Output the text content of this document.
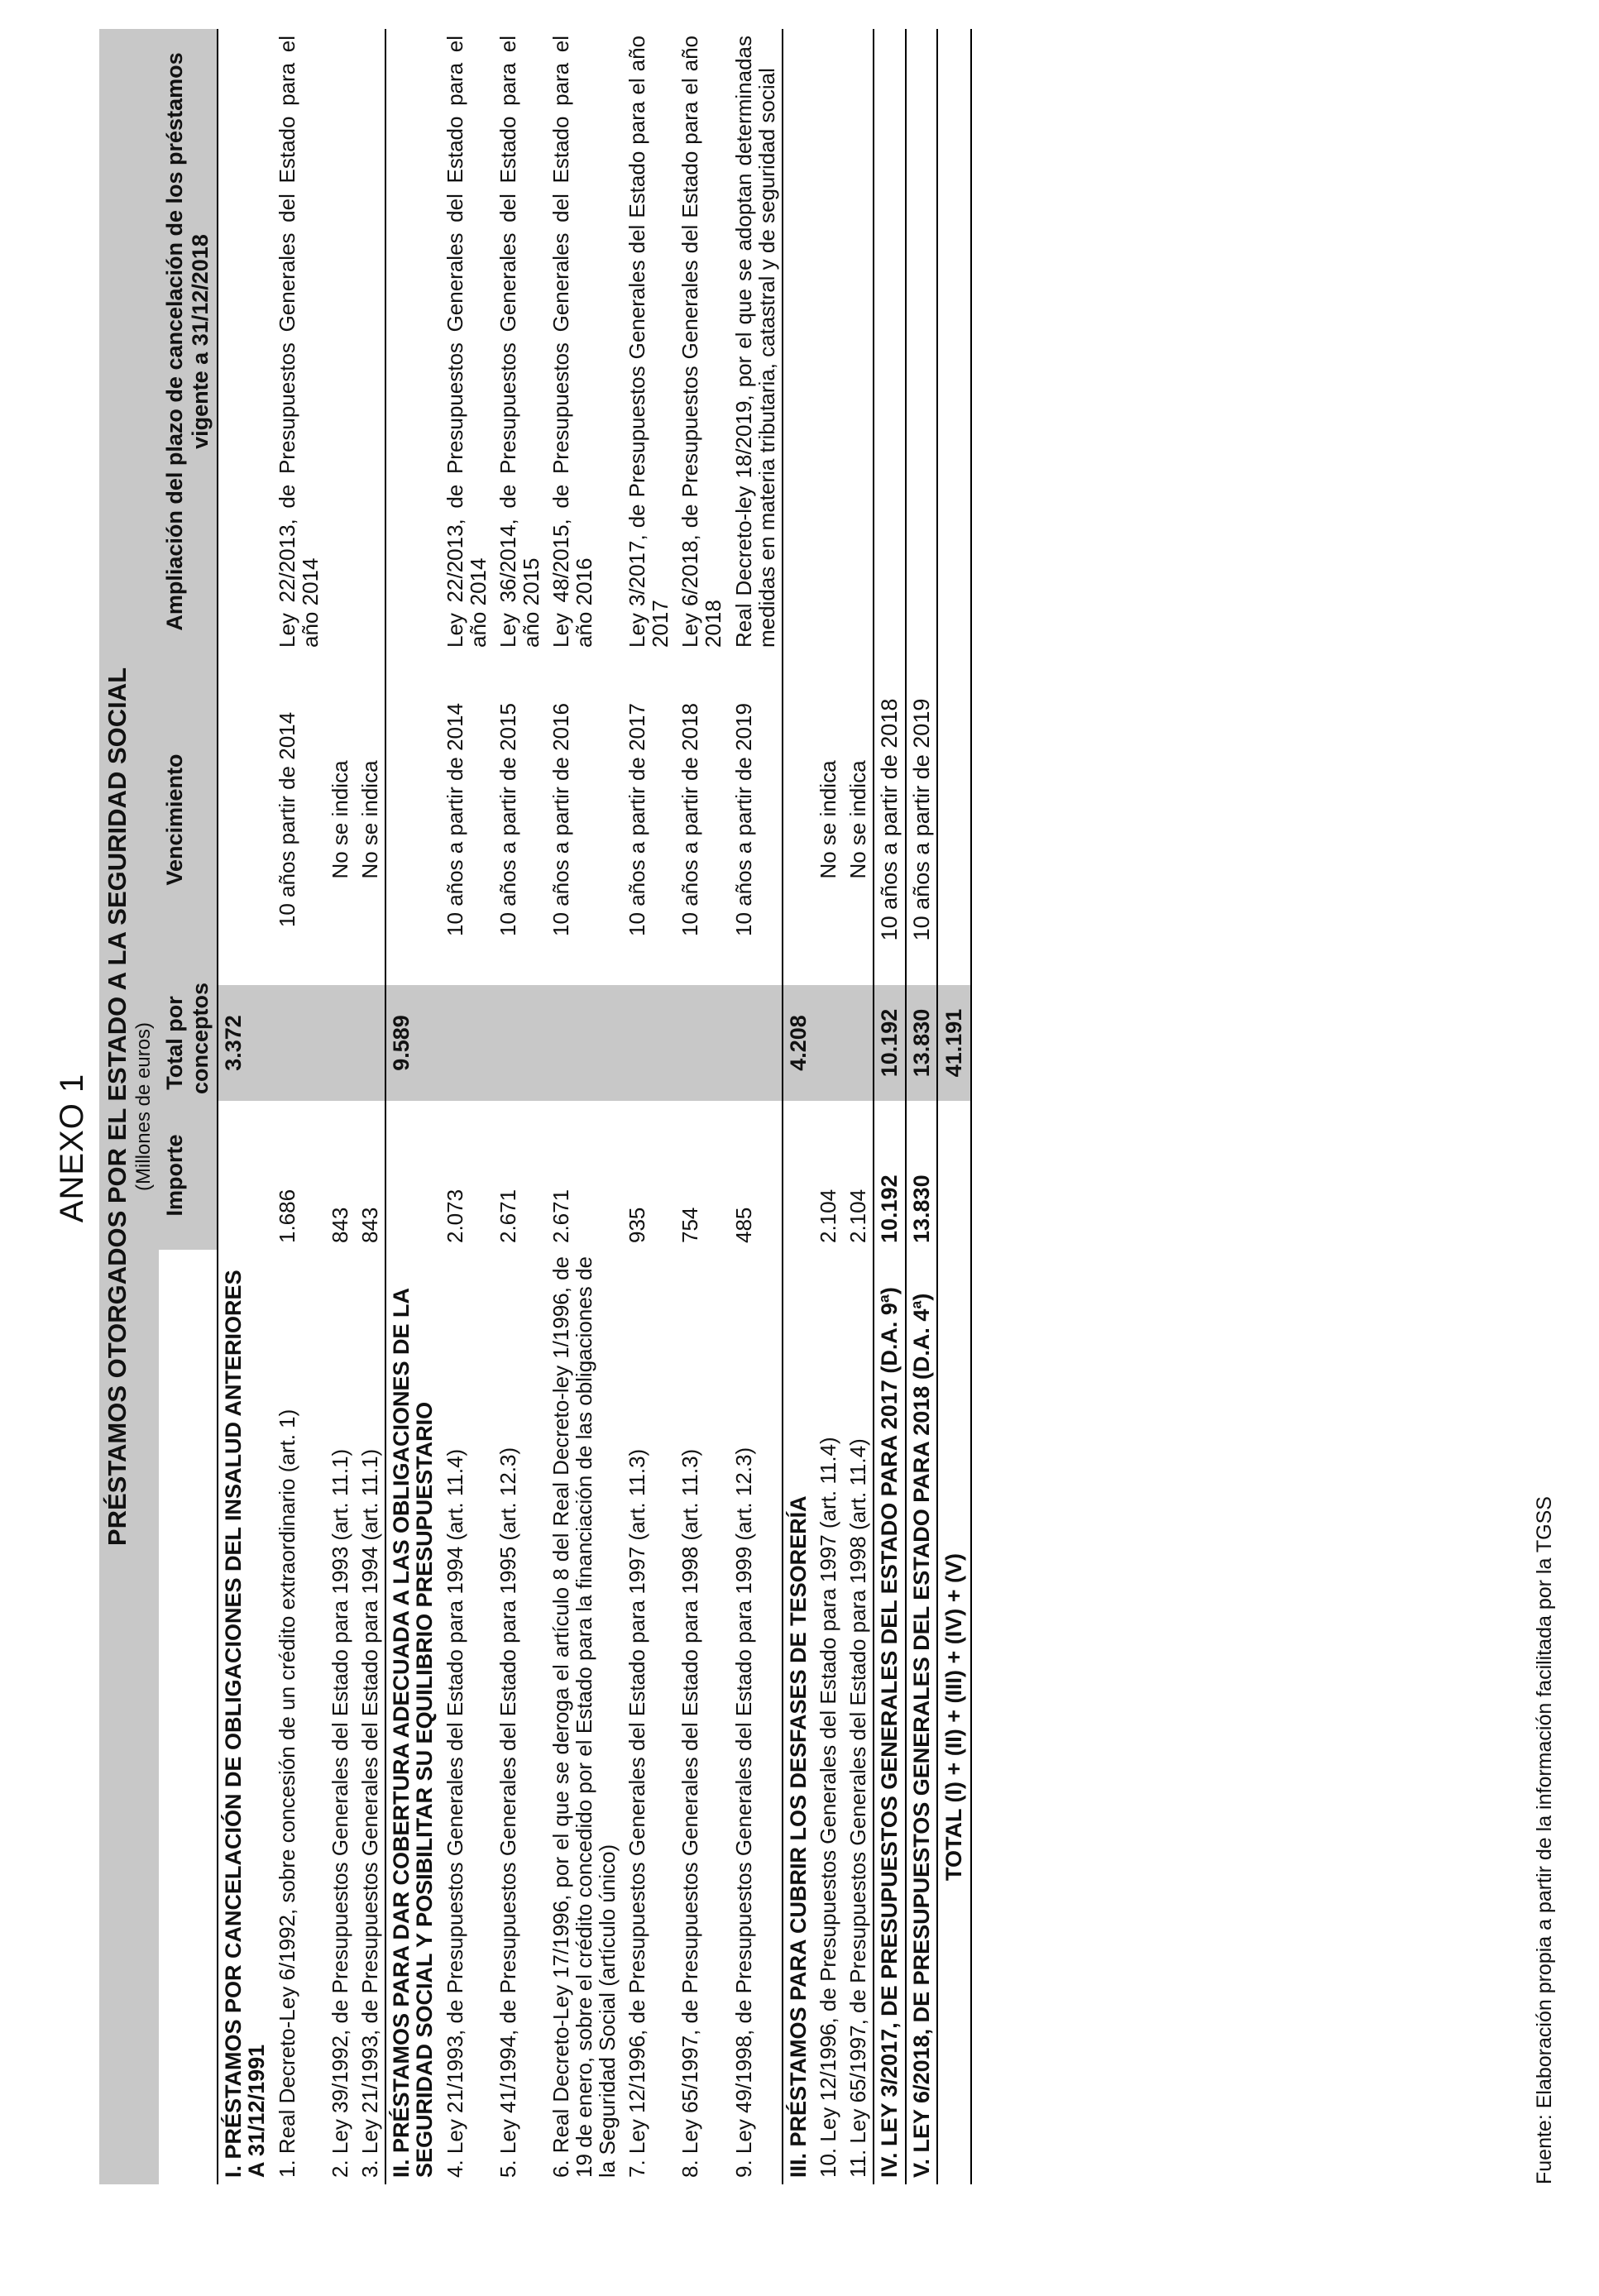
ANEXO 1 PRÉSTAMOS OTORGADOS POR EL ESTADO A LA SEGURIDAD SOCIAL (Millones de euros)				

	Importe	Total por conceptos	Vencimiento	Ampliación del plazo de cancelación de los préstamos vigente a 31/12/2018
I. PRÉSTAMOS POR CANCELACIÓN DE OBLIGACIONES DEL INSALUD ANTERIORES A 31/12/1991		3.372		
1. Real Decreto-Ley 6/1992, sobre concesión de un crédito extraordinario (art. 1)	1.686		10 años partir de 2014	Ley 22/2013, de Presupuestos Generales del Estado para el año 2014
2. Ley 39/1992, de Presupuestos Generales del Estado para 1993 (art. 11.1)	843		No se indica	
3. Ley 21/1993, de Presupuestos Generales del Estado para 1994 (art. 11.1)	843		No se indica	
II. PRÉSTAMOS PARA DAR COBERTURA ADECUADA A LAS OBLIGACIONES DE LA SEGURIDAD SOCIAL Y POSIBILITAR SU EQUILIBRIO PRESUPUESTARIO		9.589		
4. Ley 21/1993, de Presupuestos Generales del Estado para 1994 (art. 11.4)	2.073		10 años a partir de 2014	Ley 22/2013, de Presupuestos Generales del Estado para el año 2014
5. Ley 41/1994, de Presupuestos Generales del Estado para 1995 (art. 12.3)	2.671		10 años a partir de 2015	Ley 36/2014, de Presupuestos Generales del Estado para el año 2015
6. Real Decreto-Ley 17/1996, por el que se deroga el artículo 8 del Real Decreto-ley 1/1996, de 19 de enero, sobre el crédito concedido por el Estado para la financiación de las obligaciones de la Seguridad Social (artículo único)	2.671		10 años a partir de 2016	Ley 48/2015, de Presupuestos Generales del Estado para el año 2016
7. Ley 12/1996, de Presupuestos Generales del Estado para 1997 (art. 11.3)	935		10 años a partir de 2017	Ley 3/2017, de Presupuestos Generales del Estado para el año 2017
8. Ley 65/1997, de Presupuestos Generales del Estado para 1998 (art. 11.3)	754		10 años a partir de 2018	Ley 6/2018, de Presupuestos Generales del Estado para el año 2018
9. Ley 49/1998, de Presupuestos Generales del Estado para 1999 (art. 12.3)	485		10 años a partir de 2019	Real Decreto-ley 18/2019, por el que se adoptan determinadas medidas en materia tributaria, catastral y de seguridad social
III. PRÉSTAMOS PARA CUBRIR LOS DESFASES DE TESORERÍA		4.208		
10. Ley 12/1996, de Presupuestos Generales del Estado para 1997 (art. 11.4)	2.104		No se indica	
11. Ley 65/1997, de Presupuestos Generales del Estado para 1998 (art. 11.4)	2.104		No se indica	
IV. LEY 3/2017, DE PRESUPUESTOS GENERALES DEL ESTADO PARA 2017 (D.A. 9ª)	10.192	10.192	10 años a partir de 2018	
V. LEY 6/2018, DE PRESUPUESTOS GENERALES DEL ESTADO PARA 2018 (D.A. 4ª)	13.830	13.830	10 años a partir de 2019	
TOTAL (I) + (II) + (III) + (IV) + (V)		41.191		
Fuente: Elaboración propia a partir de la información facilitada por la TGSS
